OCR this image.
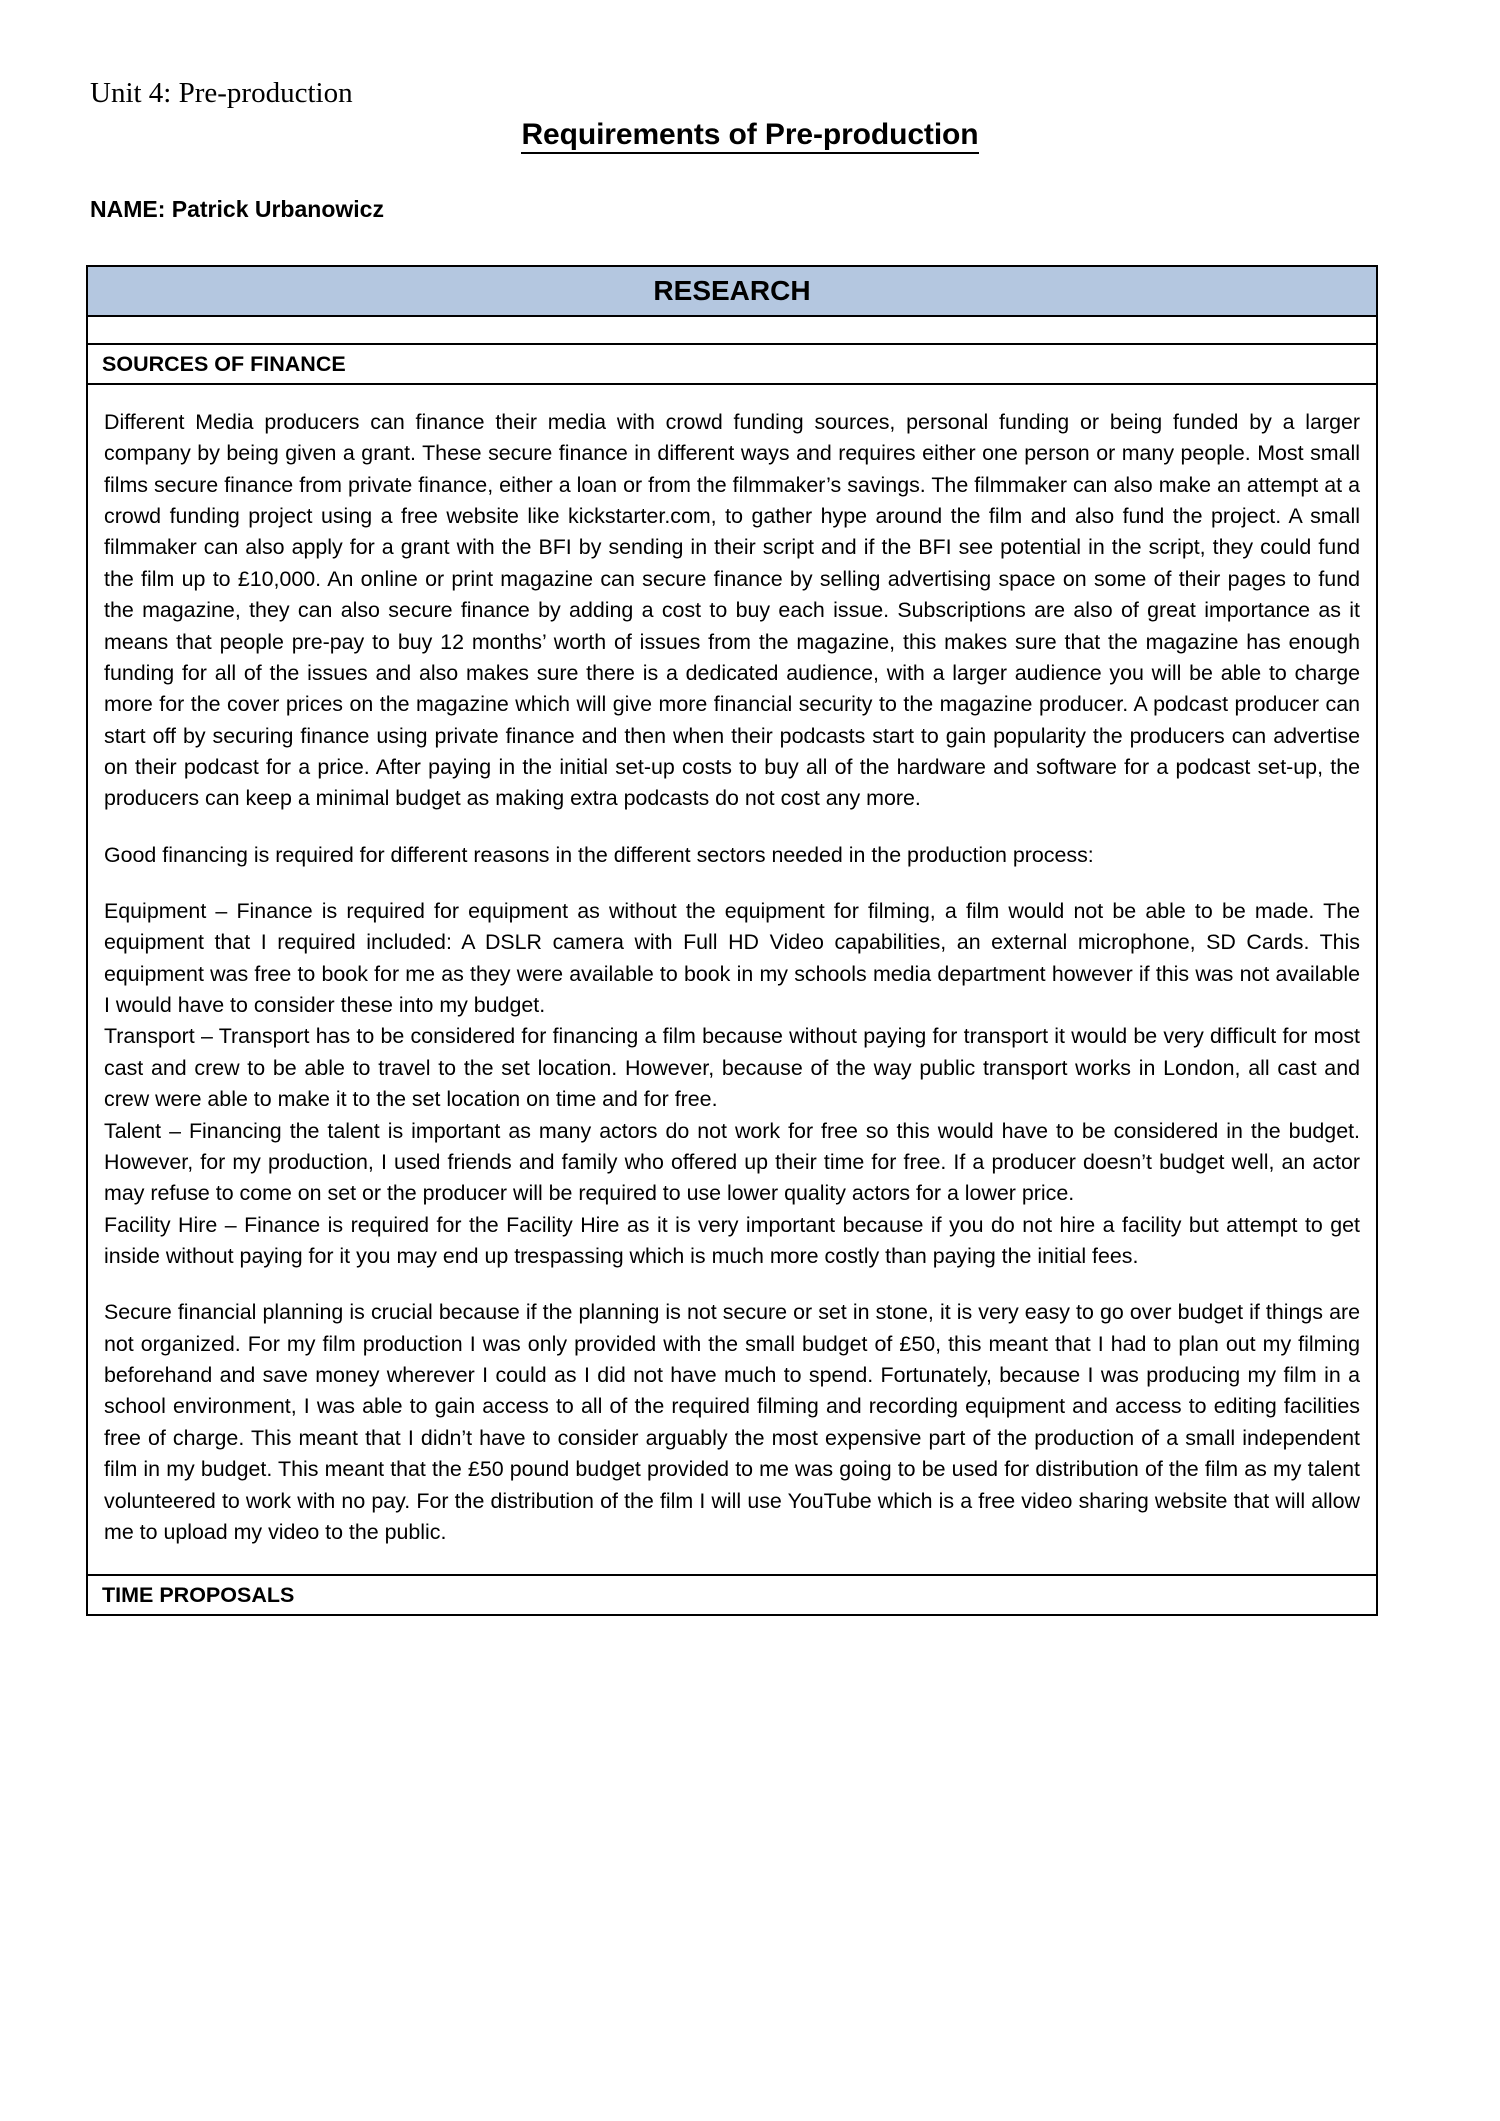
Unit 4: Pre-production
Requirements of Pre-production
NAME: Patrick Urbanowicz
RESEARCH

SOURCES OF FINANCE

Different Media producers can finance their media with crowd funding sources, personal funding or being funded by a larger company by being given a grant. These secure finance in different ways and requires either one person or many people. Most small films secure finance from private finance, either a loan or from the filmmaker’s savings. The filmmaker can also make an attempt at a crowd funding project using a free website like kickstarter.com, to gather hype around the film and also fund the project. A small filmmaker can also apply for a grant with the BFI by sending in their script and if the BFI see potential in the script, they could fund the film up to £10,000. An online or print magazine can secure finance by selling advertising space on some of their pages to fund the magazine, they can also secure finance by adding a cost to buy each issue. Subscriptions are also of great importance as it means that people pre-pay to buy 12 months’ worth of issues from the magazine, this makes sure that the magazine has enough funding for all of the issues and also makes sure there is a dedicated audience, with a larger audience you will be able to charge more for the cover prices on the magazine which will give more financial security to the magazine producer. A podcast producer can start off by securing finance using private finance and then when their podcasts start to gain popularity the producers can advertise on their podcast for a price. After paying in the initial set-up costs to buy all of the hardware and software for a podcast set-up, the producers can keep a minimal budget as making extra podcasts do not cost any more.

Good financing is required for different reasons in the different sectors needed in the production process:

Equipment – Finance is required for equipment as without the equipment for filming, a film would not be able to be made. The equipment that I required included: A DSLR camera with Full HD Video capabilities, an external microphone, SD Cards. This equipment was free to book for me as they were available to book in my schools media department however if this was not available I would have to consider these into my budget.

Transport – Transport has to be considered for financing a film because without paying for transport it would be very difficult for most cast and crew to be able to travel to the set location. However, because of the way public transport works in London, all cast and crew were able to make it to the set location on time and for free.

Talent – Financing the talent is important as many actors do not work for free so this would have to be considered in the budget. However, for my production, I used friends and family who offered up their time for free. If a producer doesn’t budget well, an actor may refuse to come on set or the producer will be required to use lower quality actors for a lower price.

Facility Hire – Finance is required for the Facility Hire as it is very important because if you do not hire a facility but attempt to get inside without paying for it you may end up trespassing which is much more costly than paying the initial fees.

Secure financial planning is crucial because if the planning is not secure or set in stone, it is very easy to go over budget if things are not organized. For my film production I was only provided with the small budget of £50, this meant that I had to plan out my filming beforehand and save money wherever I could as I did not have much to spend. Fortunately, because I was producing my film in a school environment, I was able to gain access to all of the required filming and recording equipment and access to editing facilities free of charge. This meant that I didn’t have to consider arguably the most expensive part of the production of a small independent film in my budget. This meant that the £50 pound budget provided to me was going to be used for distribution of the film as my talent volunteered to work with no pay. For the distribution of the film I will use YouTube which is a free video sharing website that will allow me to upload my video to the public.

TIME PROPOSALS
